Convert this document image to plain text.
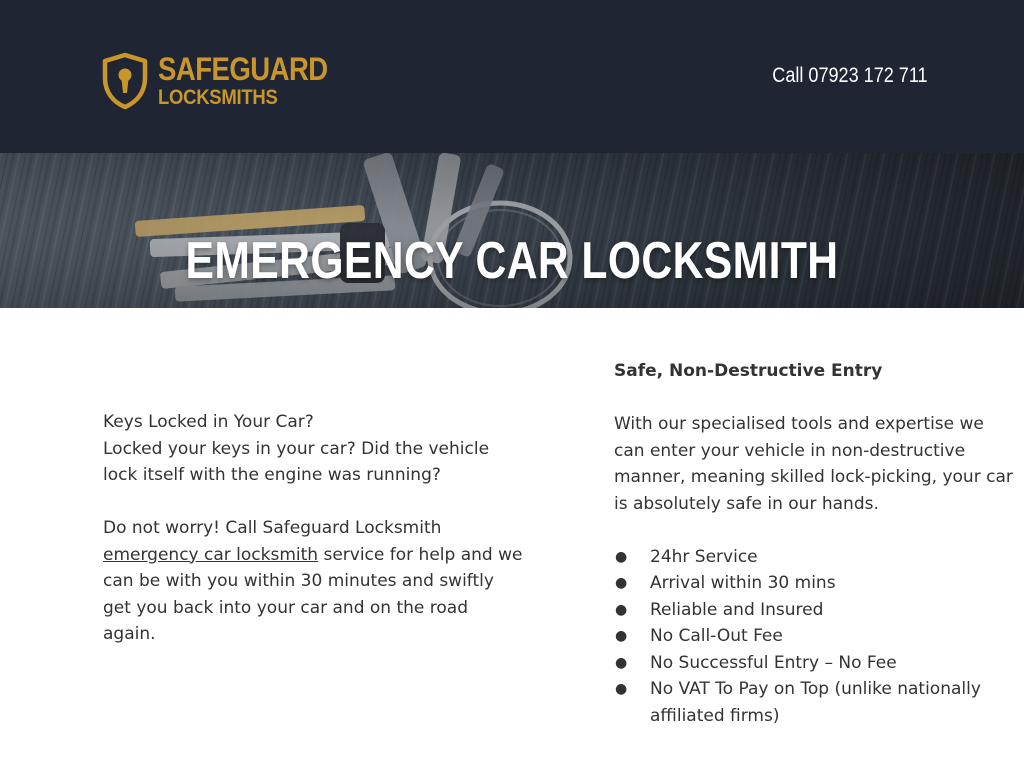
SAFEGUARD
LOCKSMITHS
Call 07923 172 711
EMERGENCY CAR LOCKSMITH

Keys Locked in Your Car?
Locked your keys in your car? Did the vehicle lock itself with the engine was running?

Do not worry! Call Safeguard Locksmith emergency car locksmith service for help and we can be with you within 30 minutes and swiftly get you back into your car and on the road again.

Safe, Non-Destructive Entry

With our specialised tools and expertise we can enter your vehicle in non-destructive manner, meaning skilled lock-picking, your car is absolutely safe in our hands.

● 24hr Service
● Arrival within 30 mins
● Reliable and Insured
● No Call-Out Fee
● No Successful Entry – No Fee
● No VAT To Pay on Top (unlike nationally affiliated firms)
